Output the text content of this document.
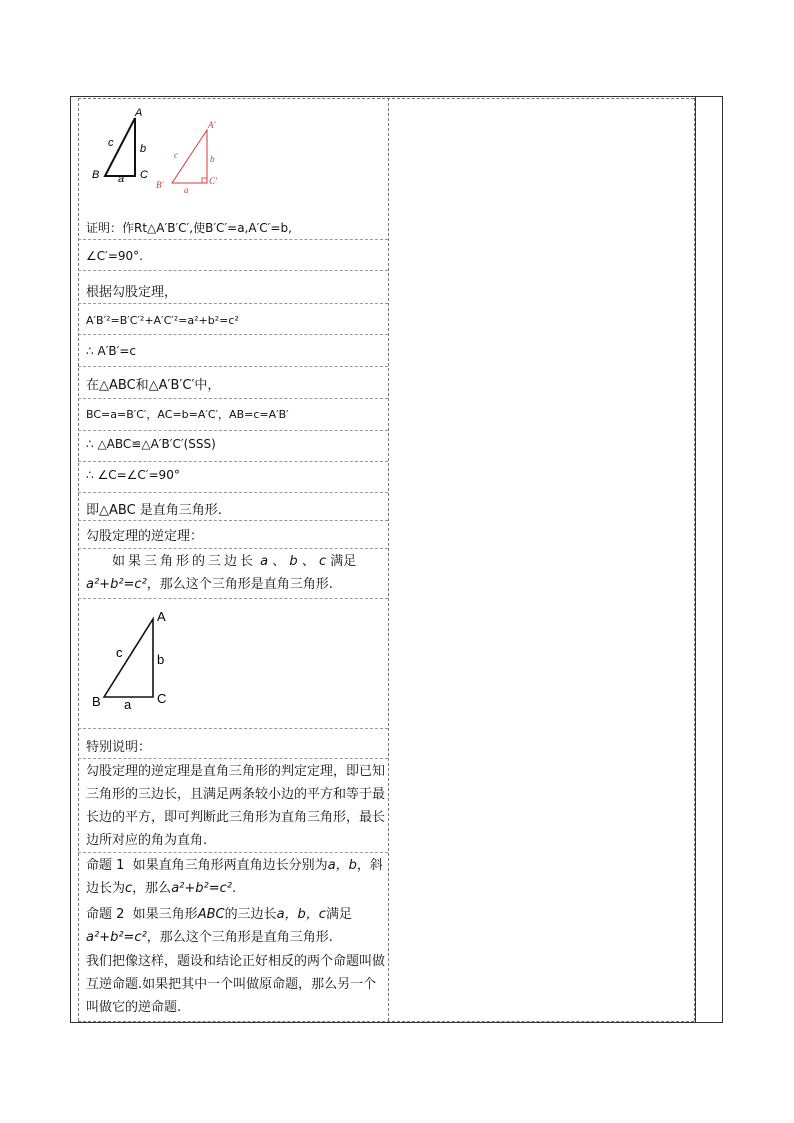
A
B	C
a
b
c
A′
B′	C′
a
b
c
证明：作Rt△A′B′C′,使B′C′=a,A′C′=b,
∠C′=90°.
根据勾股定理，
A′B′²=B′C′²+A′C′²=a²+b²=c²
∴ A′B′=c
在△ABC和△A′B′C′中，
BC=a=B′C′，AC=b=A′C′，AB=c=A′B′
∴ △ABC≌△A′B′C′(SSS)
∴ ∠C=∠C′=90°
即△ABC 是直角三角形.
勾股定理的逆定理：
如果三角形的三边长 a 、 b 、 c 满足
a²+b²=c²，那么这个三角形是直角三角形.
A
B	C
a
b
c
特别说明：
勾股定理的逆定理是直角三角形的判定定理，即已知三角形的三边长，且满足两条较小边的平方和等于最长边的平方，即可判断此三角形为直角三角形，最长边所对应的角为直角.
命题 1 如果直角三角形两直角边长分别为a，b，斜边长为c，那么a²+b²=c².
命题 2 如果三角形ABC的三边长a，b，c满足a²+b²=c²，那么这个三角形是直角三角形.
我们把像这样，题设和结论正好相反的两个命题叫做互逆命题.如果把其中一个叫做原命题，那么另一个叫做它的逆命题.
